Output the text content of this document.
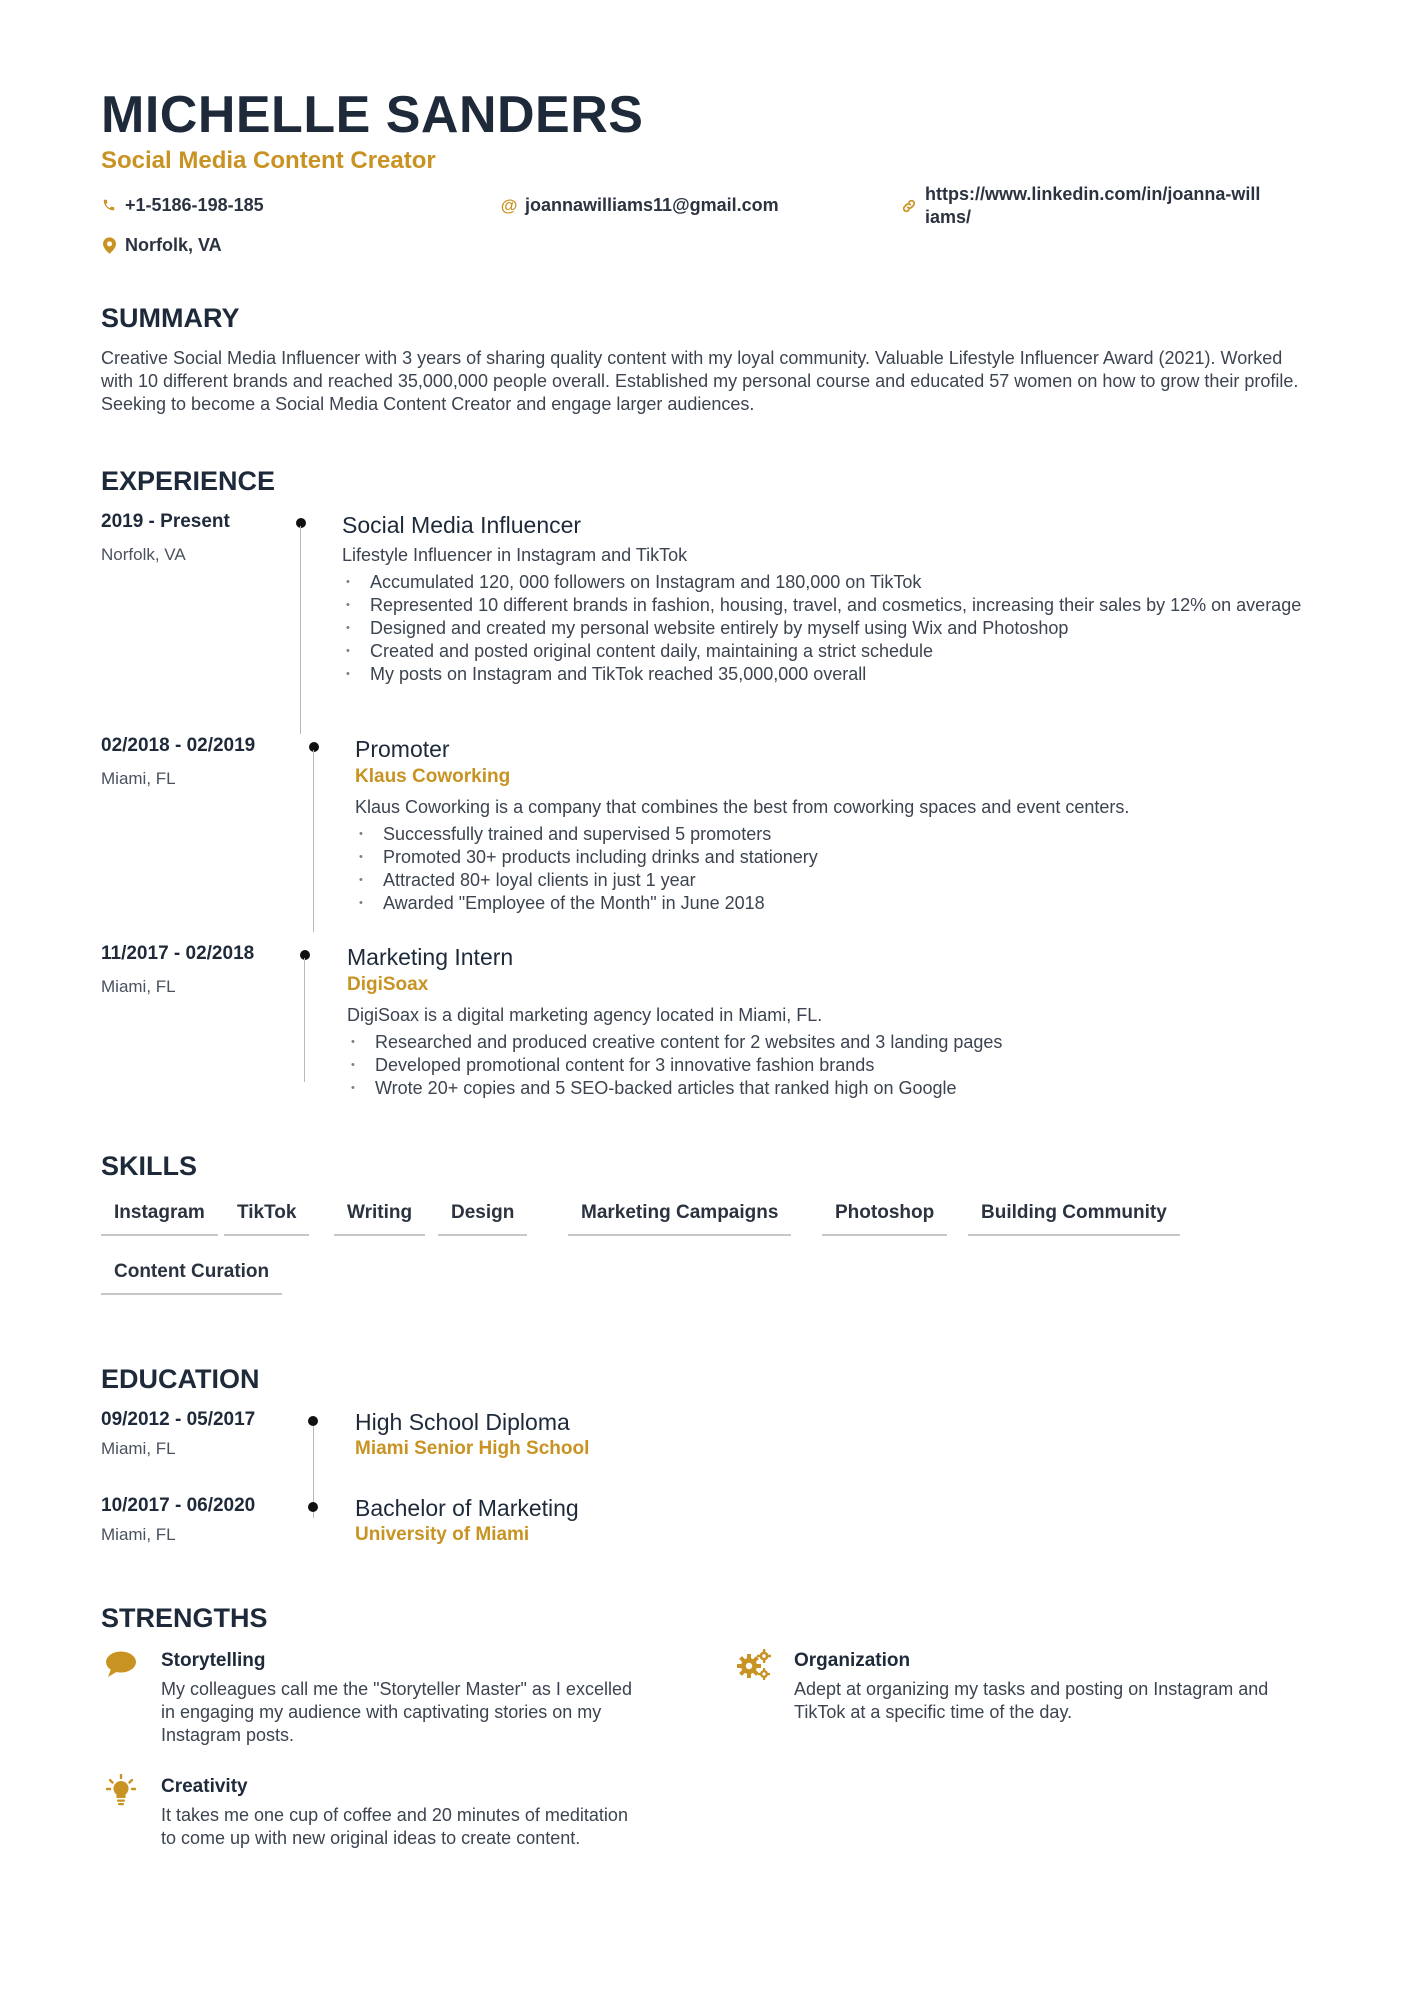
MICHELLE SANDERS
Social Media Content Creator
+1-5186-198-185	@ joannawilliams11@gmail.com
https://www.linkedin.com/in/joanna-williams/
Norfolk, VA
SUMMARY
Creative Social Media Influencer with 3 years of sharing quality content with my loyal community. Valuable Lifestyle Influencer Award (2021). Worked with 10 different brands and reached 35,000,000 people overall. Established my personal course and educated 57 women on how to grow their profile. Seeking to become a Social Media Content Creator and engage larger audiences.
EXPERIENCE
2019 - Present
Norfolk, VA
Social Media Influencer
Lifestyle Influencer in Instagram and TikTok
• Accumulated 120, 000 followers on Instagram and 180,000 on TikTok
• Represented 10 different brands in fashion, housing, travel, and cosmetics, increasing their sales by 12% on average
• Designed and created my personal website entirely by myself using Wix and Photoshop
• Created and posted original content daily, maintaining a strict schedule
• My posts on Instagram and TikTok reached 35,000,000 overall
02/2018 - 02/2019
Miami, FL
Promoter
Klaus Coworking
Klaus Coworking is a company that combines the best from coworking spaces and event centers.
• Successfully trained and supervised 5 promoters
• Promoted 30+ products including drinks and stationery
• Attracted 80+ loyal clients in just 1 year
• Awarded "Employee of the Month" in June 2018
11/2017 - 02/2018
Miami, FL
Marketing Intern
DigiSoax
DigiSoax is a digital marketing agency located in Miami, FL.
• Researched and produced creative content for 2 websites and 3 landing pages
• Developed promotional content for 3 innovative fashion brands
• Wrote 20+ copies and 5 SEO-backed articles that ranked high on Google
SKILLS
Instagram	TikTok	Writing	Design	Marketing Campaigns	Photoshop	Building Community
Content Curation
EDUCATION
09/2012 - 05/2017
Miami, FL
High School Diploma
Miami Senior High School
10/2017 - 06/2020
Miami, FL
Bachelor of Marketing
University of Miami
STRENGTHS
Storytelling
My colleagues call me the "Storyteller Master" as I excelled in engaging my audience with captivating stories on my Instagram posts.
Organization
Adept at organizing my tasks and posting on Instagram and TikTok at a specific time of the day.
Creativity
It takes me one cup of coffee and 20 minutes of meditation to come up with new original ideas to create content.
